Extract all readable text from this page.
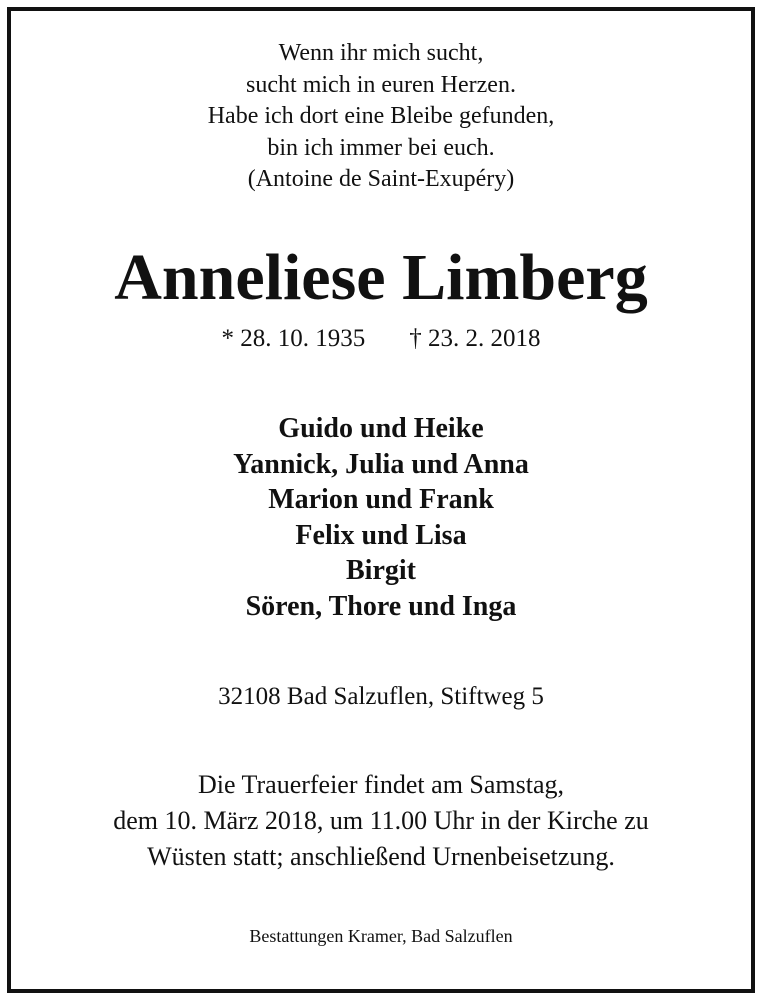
Wenn ihr mich sucht,
sucht mich in euren Herzen.
Habe ich dort eine Bleibe gefunden,
bin ich immer bei euch.
(Antoine de Saint-Exupéry)
Anneliese Limberg
* 28. 10. 1935 † 23. 2. 2018
Guido und Heike
Yannick, Julia und Anna
Marion und Frank
Felix und Lisa
Birgit
Sören, Thore und Inga
32108 Bad Salzuflen, Stiftweg 5
Die Trauerfeier findet am Samstag,
dem 10. März 2018, um 11.00 Uhr in der Kirche zu
Wüsten statt; anschließend Urnenbeisetzung.
Bestattungen Kramer, Bad Salzuflen
